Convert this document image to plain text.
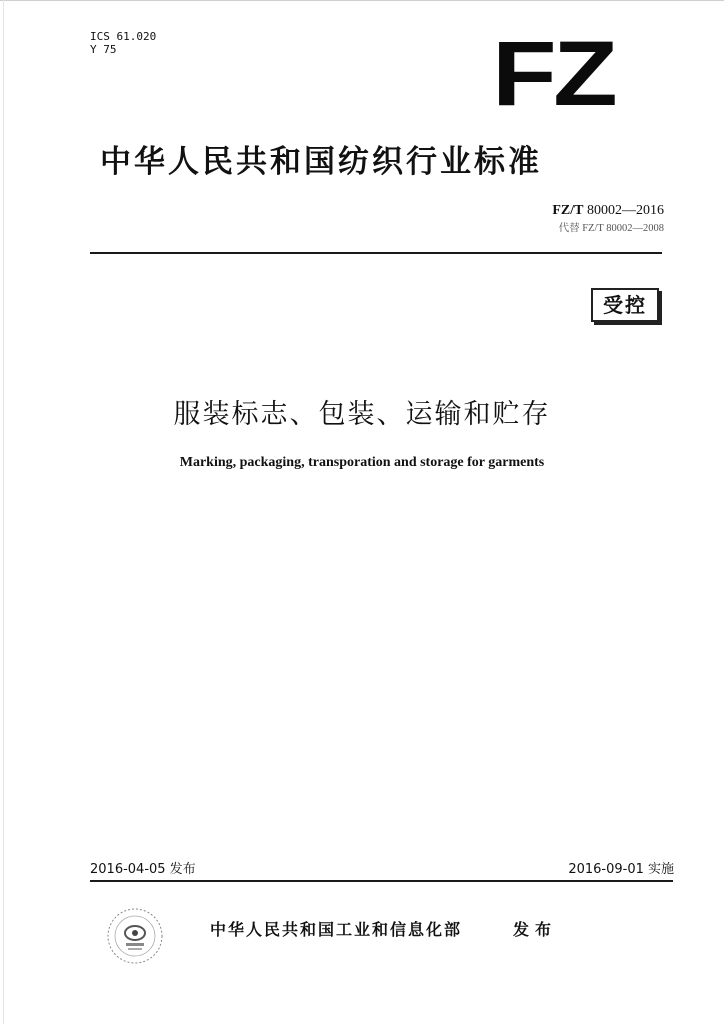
ICS 61.020
Y 75	FZ
中华人民共和国纺织行业标准
FZ/T 80002—2016
代替 FZ/T 80002—2008
受控
服装标志、包装、运输和贮存
Marking, packaging, transporation and storage for garments
2016-04-05 发布	2016-09-01 实施
中华人民共和国工业和信息化部	发布
